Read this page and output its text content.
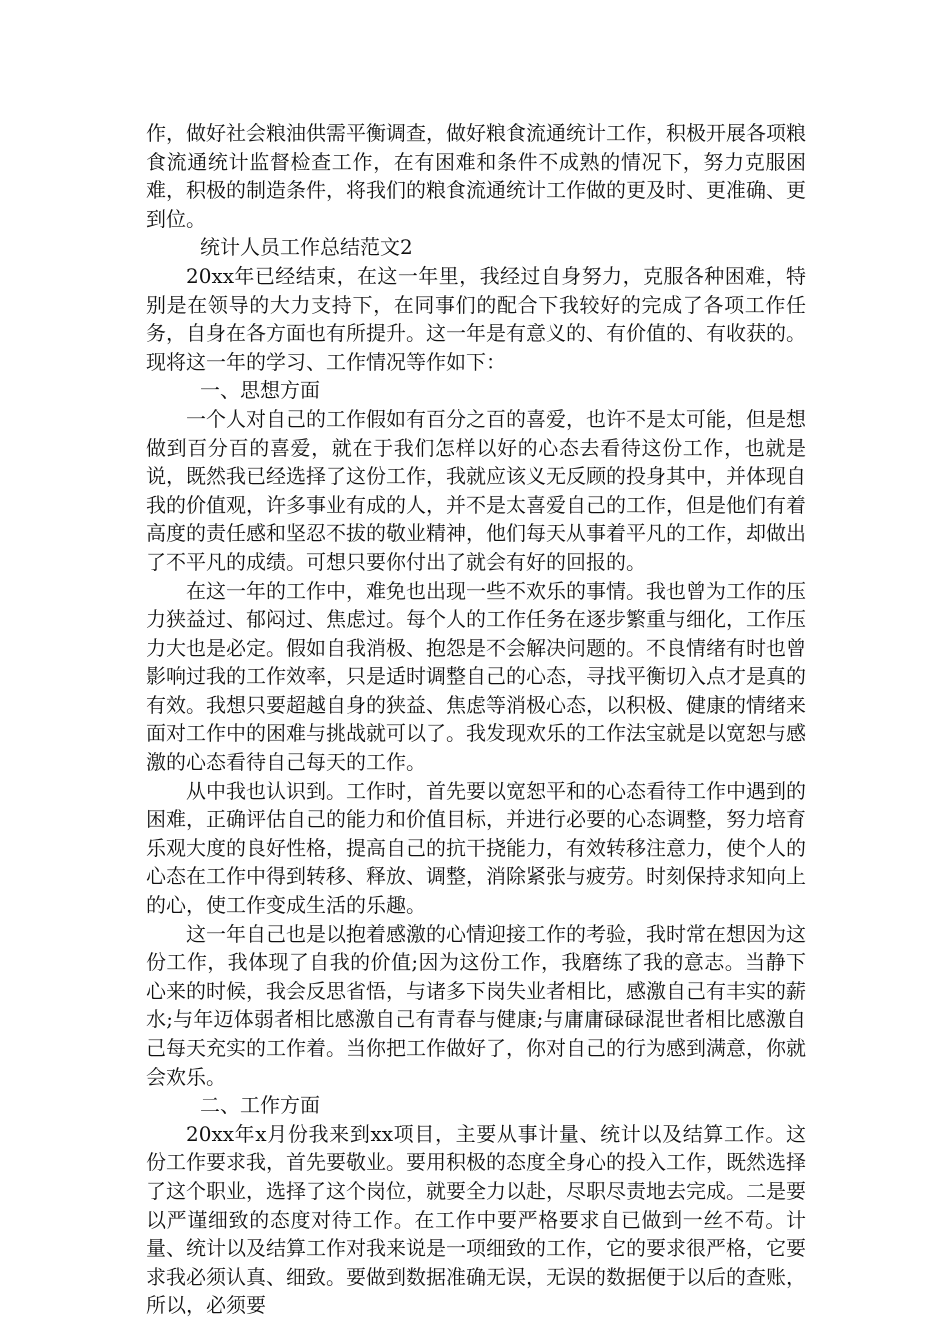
作，做好社会粮油供需平衡调查，做好粮食流通统计工作，积极开展各项粮食流通统计监督检查工作，在有困难和条件不成熟的情况下，努力克服困难，积极的制造条件，将我们的粮食流通统计工作做的更及时、更准确、更到位。

统计人员工作总结范文2

20xx年已经结束，在这一年里，我经过自身努力，克服各种困难，特别是在领导的大力支持下，在同事们的配合下我较好的完成了各项工作任务，自身在各方面也有所提升。这一年是有意义的、有价值的、有收获的。现将这一年的学习、工作情况等作如下：

一、思想方面

一个人对自己的工作假如有百分之百的喜爱，也许不是太可能，但是想做到百分百的喜爱，就在于我们怎样以好的心态去看待这份工作，也就是说，既然我已经选择了这份工作，我就应该义无反顾的投身其中，并体现自我的价值观，许多事业有成的人，并不是太喜爱自己的工作，但是他们有着高度的责任感和坚忍不拔的敬业精神，他们每天从事着平凡的工作，却做出了不平凡的成绩。可想只要你付出了就会有好的回报的。

在这一年的工作中，难免也出现一些不欢乐的事情。我也曾为工作的压力狭益过、郁闷过、焦虑过。每个人的工作任务在逐步繁重与细化，工作压力大也是必定。假如自我消极、抱怨是不会解决问题的。不良情绪有时也曾影响过我的工作效率，只是适时调整自己的心态，寻找平衡切入点才是真的有效。我想只要超越自身的狭益、焦虑等消极心态，以积极、健康的情绪来面对工作中的困难与挑战就可以了。我发现欢乐的工作法宝就是以宽恕与感激的心态看待自己每天的工作。

从中我也认识到。工作时，首先要以宽恕平和的心态看待工作中遇到的困难，正确评估自己的能力和价值目标，并进行必要的心态调整，努力培育乐观大度的良好性格，提高自己的抗干挠能力，有效转移注意力，使个人的心态在工作中得到转移、释放、调整，消除紧张与疲劳。时刻保持求知向上的心，使工作变成生活的乐趣。

这一年自己也是以抱着感激的心情迎接工作的考验，我时常在想因为这份工作，我体现了自我的价值;因为这份工作，我磨练了我的意志。当静下心来的时候，我会反思省悟，与诸多下岗失业者相比，感激自己有丰实的薪水;与年迈体弱者相比感激自己有青春与健康;与庸庸碌碌混世者相比感激自己每天充实的工作着。当你把工作做好了，你对自己的行为感到满意，你就会欢乐。

二、工作方面

20xx年x月份我来到xx项目，主要从事计量、统计以及结算工作。这份工作要求我，首先要敬业。要用积极的态度全身心的投入工作，既然选择了这个职业，选择了这个岗位，就要全力以赴，尽职尽责地去完成。二是要以严谨细致的态度对待工作。在工作中要严格要求自已做到一丝不苟。计量、统计以及结算工作对我来说是一项细致的工作，它的要求很严格，它要求我必须认真、细致。要做到数据准确无误，无误的数据便于以后的查账，所以，必须要
